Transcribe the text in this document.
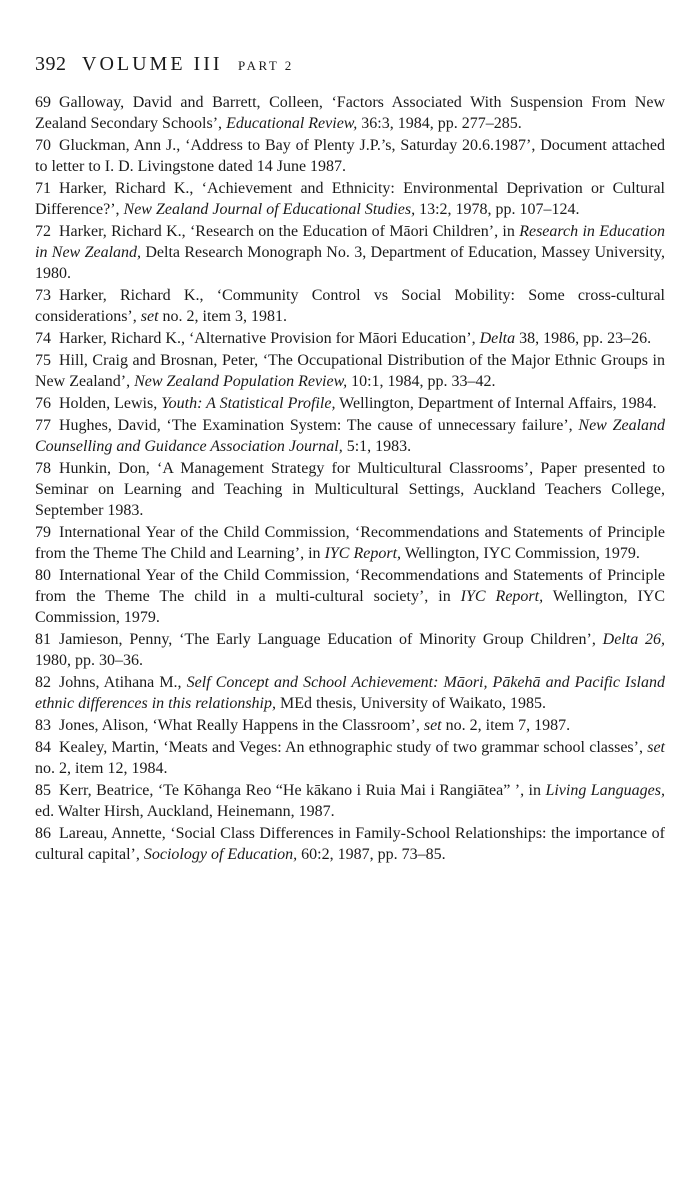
392 VOLUME III PART 2

69 Galloway, David and Barrett, Colleen, ‘Factors Associated With Suspension From New Zealand Secondary Schools’, Educational Review, 36:3, 1984, pp. 277–285.

70 Gluckman, Ann J., ‘Address to Bay of Plenty J.P.’s, Saturday 20.6.1987’, Document attached to letter to I. D. Livingstone dated 14 June 1987.

71 Harker, Richard K., ‘Achievement and Ethnicity: Environmental Deprivation or Cultural Difference?’, New Zealand Journal of Educational Studies, 13:2, 1978, pp. 107–124.

72 Harker, Richard K., ‘Research on the Education of Māori Children’, in Research in Education in New Zealand, Delta Research Monograph No. 3, Department of Education, Massey University, 1980.

73 Harker, Richard K., ‘Community Control vs Social Mobility: Some cross-cultural considerations’, set no. 2, item 3, 1981.

74 Harker, Richard K., ‘Alternative Provision for Māori Education’, Delta 38, 1986, pp. 23–26.

75 Hill, Craig and Brosnan, Peter, ‘The Occupational Distribution of the Major Ethnic Groups in New Zealand’, New Zealand Population Review, 10:1, 1984, pp. 33–42.

76 Holden, Lewis, Youth: A Statistical Profile, Wellington, Department of Internal Affairs, 1984.

77 Hughes, David, ‘The Examination System: The cause of unnecessary failure’, New Zealand Counselling and Guidance Association Journal, 5:1, 1983.

78 Hunkin, Don, ‘A Management Strategy for Multicultural Classrooms’, Paper presented to Seminar on Learning and Teaching in Multicultural Settings, Auckland Teachers College, September 1983.

79 International Year of the Child Commission, ‘Recommendations and Statements of Principle from the Theme The Child and Learning’, in IYC Report, Wellington, IYC Commission, 1979.

80 International Year of the Child Commission, ‘Recommendations and Statements of Principle from the Theme The child in a multi-cultural society’, in IYC Report, Wellington, IYC Commission, 1979.

81 Jamieson, Penny, ‘The Early Language Education of Minority Group Children’, Delta 26, 1980, pp. 30–36.

82 Johns, Atihana M., Self Concept and School Achievement: Māori, Pākehā and Pacific Island ethnic differences in this relationship, MEd thesis, University of Waikato, 1985.

83 Jones, Alison, ‘What Really Happens in the Classroom’, set no. 2, item 7, 1987.

84 Kealey, Martin, ‘Meats and Veges: An ethnographic study of two grammar school classes’, set no. 2, item 12, 1984.

85 Kerr, Beatrice, ‘Te Kōhanga Reo “He kākano i Ruia Mai i Rangiātea” ’, in Living Languages, ed. Walter Hirsh, Auckland, Heinemann, 1987.

86 Lareau, Annette, ‘Social Class Differences in Family-School Relationships: the importance of cultural capital’, Sociology of Education, 60:2, 1987, pp. 73–85.
